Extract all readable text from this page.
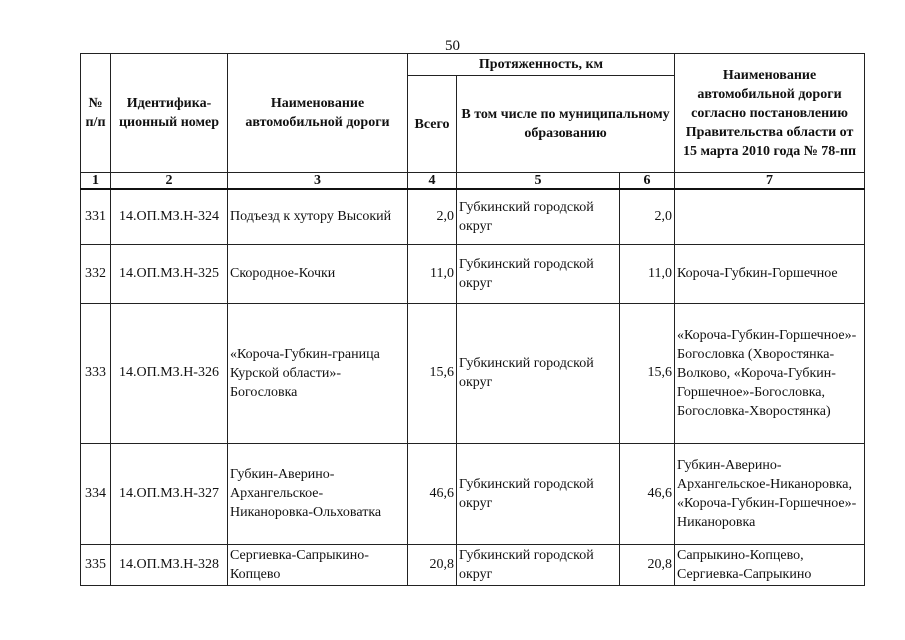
50
№ п/п	Идентифика-ционный номер	Наименование автомобильной дороги	Протяженность, км			Наименование автомобильной дороги согласно постановлению Правительства области от 15 марта 2010 года № 78-пп
			Всего	В том числе по муниципальному образованию		
1	2	3	4	5	6	7
331	14.ОП.МЗ.Н-324	Подъезд к хутору Высокий	2,0	Губкинский городской округ	2,0	
332	14.ОП.МЗ.Н-325	Скородное-Кочки	11,0	Губкинский городской округ	11,0	Короча-Губкин-Горшечное
333	14.ОП.МЗ.Н-326	«Короча-Губкин-граница Курской области»-Богословка	15,6	Губкинский городской округ	15,6	«Короча-Губкин-Горшечное»-Богословка (Хворостянка-Волково, «Короча-Губкин-Горшечное»-Богословка, Богословка-Хворостянка)
334	14.ОП.МЗ.Н-327	Губкин-Аверино-Архангельское-Никаноровка-Ольховатка	46,6	Губкинский городской округ	46,6	Губкин-Аверино-Архангельское-Никаноровка, «Короча-Губкин-Горшечное»-Никаноровка
335	14.ОП.МЗ.Н-328	Сергиевка-Сапрыкино-Копцево	20,8	Губкинский городской округ	20,8	Сапрыкино-Копцево, Сергиевка-Сапрыкино
